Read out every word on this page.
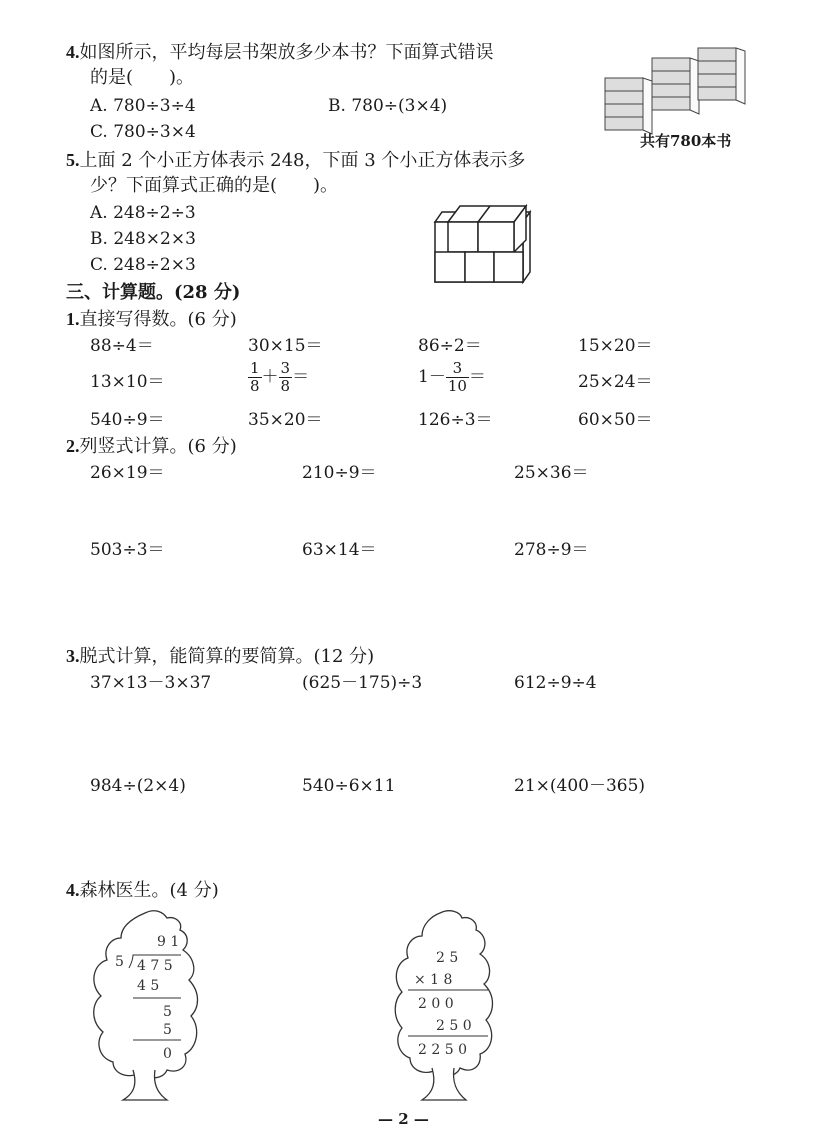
4.如图所示，平均每层书架放多少本书？下面算式错误
的是(　　)。
A. 780÷3÷4	B. 780÷(3×4)
C. 780÷3×4	共有780本书
5.上面 2 个小正方体表示 248，下面 3 个小正方体表示多
少？下面算式正确的是(　　)。
A. 248÷2÷3
B. 248×2×3
C. 248÷2×3
三、计算题。(28 分)
1.直接写得数。(6 分)
88÷4＝	30×15＝	86÷2＝	15×20＝
13×10＝	$\frac{1}{8} + \frac{3}{8}$ ＝	$1- \frac{3}{10}$ ＝	25×24＝
540÷9＝	35×20＝	126÷3＝	60×50＝
2.列竖式计算。(6 分)
26×19＝	210÷9＝	25×36＝
503÷3＝	63×14＝	278÷9＝
3.脱式计算，能简算的要简算。(12 分)
37×13－3×37	(625－175)÷3	612÷9÷4
984÷(2×4)	540÷6×11	21×(400－365)
4.森林医生。(4 分)
9 1
5 4 7 5
4 5
5
5
0
2 5
× 1 8
2 0 0
2 5 0
2 2 5 0
— 2 —
